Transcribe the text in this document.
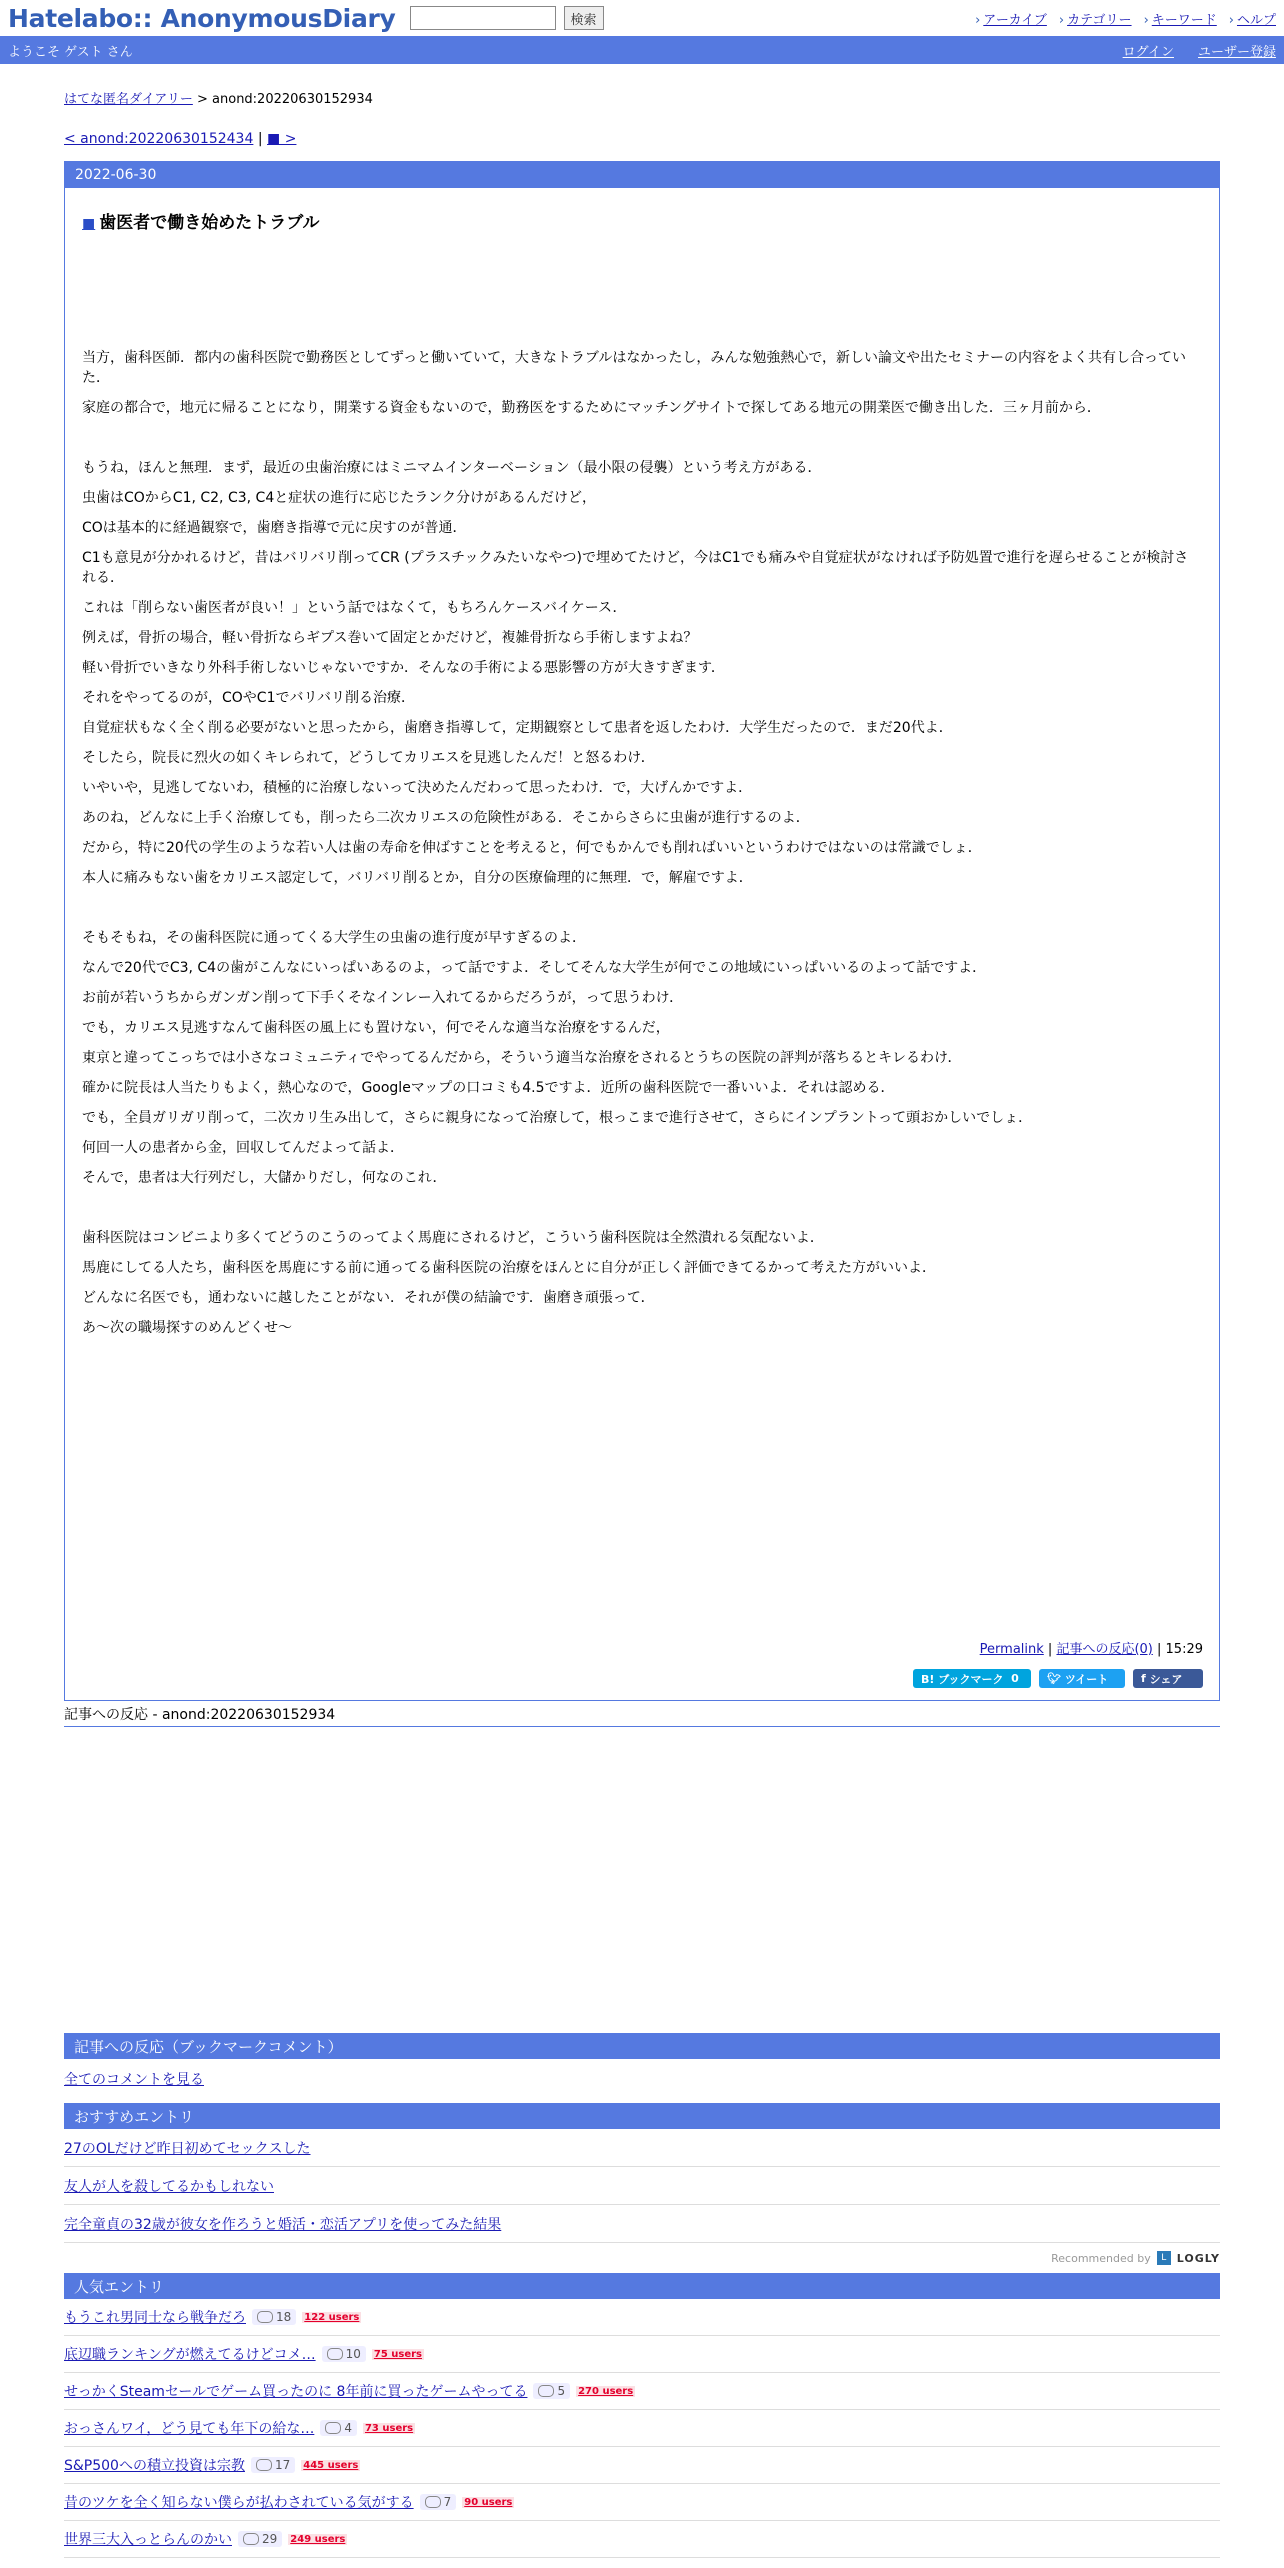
Hatelabo:: AnonymousDiary	検索	› アーカイブ	› カテゴリー	› キーワード	› ヘルプ
ようこそ ゲスト さん	ログイン ユーザー登録
はてな匿名ダイアリー > anond:20220630152934
< anond:20220630152434 | ■ >
2022-06-30
■ 歯医者で働き始めたトラブル

当方，歯科医師．都内の歯科医院で勤務医としてずっと働いていて，大きなトラブルはなかったし，みんな勉強熱心で，新しい論文や出たセミナーの内容をよく共有し合っていた．

家庭の都合で，地元に帰ることになり，開業する資金もないので，勤務医をするためにマッチングサイトで探してある地元の開業医で働き出した．三ヶ月前から．

もうね，ほんと無理．まず，最近の虫歯治療にはミニマムインターベーション（最小限の侵襲）という考え方がある．

虫歯はCOからC1, C2, C3, C4と症状の進行に応じたランク分けがあるんだけど，

COは基本的に経過観察で，歯磨き指導で元に戻すのが普通．

C1も意見が分かれるけど，昔はバリバリ削ってCR (プラスチックみたいなやつ)で埋めてたけど，今はC1でも痛みや自覚症状がなければ予防処置で進行を遅らせることが検討される．

これは「削らない歯医者が良い！」という話ではなくて，もちろんケースバイケース．

例えば，骨折の場合，軽い骨折ならギプス巻いて固定とかだけど，複雑骨折なら手術しますよね？

軽い骨折でいきなり外科手術しないじゃないですか．そんなの手術による悪影響の方が大きすぎます．

それをやってるのが，COやC1でバリバリ削る治療．

自覚症状もなく全く削る必要がないと思ったから，歯磨き指導して，定期観察として患者を返したわけ．大学生だったので．まだ20代よ．

そしたら，院長に烈火の如くキレられて，どうしてカリエスを見逃したんだ！と怒るわけ．

いやいや，見逃してないわ，積極的に治療しないって決めたんだわって思ったわけ．で，大げんかですよ．

あのね，どんなに上手く治療しても，削ったら二次カリエスの危険性がある．そこからさらに虫歯が進行するのよ．

だから，特に20代の学生のような若い人は歯の寿命を伸ばすことを考えると，何でもかんでも削ればいいというわけではないのは常識でしょ．

本人に痛みもない歯をカリエス認定して，バリバリ削るとか，自分の医療倫理的に無理．で，解雇ですよ．

そもそもね，その歯科医院に通ってくる大学生の虫歯の進行度が早すぎるのよ．

なんで20代でC3, C4の歯がこんなにいっぱいあるのよ，って話ですよ．そしてそんな大学生が何でこの地域にいっぱいいるのよって話ですよ．

お前が若いうちからガンガン削って下手くそなインレー入れてるからだろうが，って思うわけ．

でも，カリエス見逃すなんて歯科医の風上にも置けない，何でそんな適当な治療をするんだ，

東京と違ってこっちでは小さなコミュニティでやってるんだから，そういう適当な治療をされるとうちの医院の評判が落ちるとキレるわけ．

確かに院長は人当たりもよく，熱心なので，Googleマップの口コミも4.5ですよ．近所の歯科医院で一番いいよ．それは認める．

でも，全員ガリガリ削って，二次カリ生み出して，さらに親身になって治療して，根っこまで進行させて，さらにインプラントって頭おかしいでしょ．

何回一人の患者から金，回収してんだよって話よ．

そんで，患者は大行列だし，大儲かりだし，何なのこれ．

歯科医院はコンビニより多くてどうのこうのってよく馬鹿にされるけど，こういう歯科医院は全然潰れる気配ないよ．

馬鹿にしてる人たち，歯科医を馬鹿にする前に通ってる歯科医院の治療をほんとに自分が正しく評価できてるかって考えた方がいいよ．

どんなに名医でも，通わないに越したことがない．それが僕の結論です．歯磨き頑張って．

あ〜次の職場探すのめんどくせ〜

Permalink | 記事への反応(0) | 15:29
B! ブックマーク
0	🐦︎
ツイート	f
シェア
記事への反応 - anond:20220630152934
記事への反応（ブックマークコメント）
全てのコメントを見る
おすすめエントリ
27のOLだけど昨日初めてセックスした
友人が人を殺してるかもしれない
完全童貞の32歳が彼女を作ろうと婚活・恋活アプリを使ってみた結果
Recommended by	L LOGLY
人気エントリ
もうこれ男同士なら戦争だろ	18 122 users
底辺職ランキングが燃えてるけどコメ…	10 75 users
せっかくSteamセールでゲーム買ったのに 8年前に買ったゲームやってる	5 270 users
おっさんワイ，どう見ても年下の給な…	4 73 users
S&P500への積立投資は宗教	17 445 users
昔のツケを全く知らない僕らが払わされている気がする	7 90 users
世界三大入っとらんのかい	29 249 users
